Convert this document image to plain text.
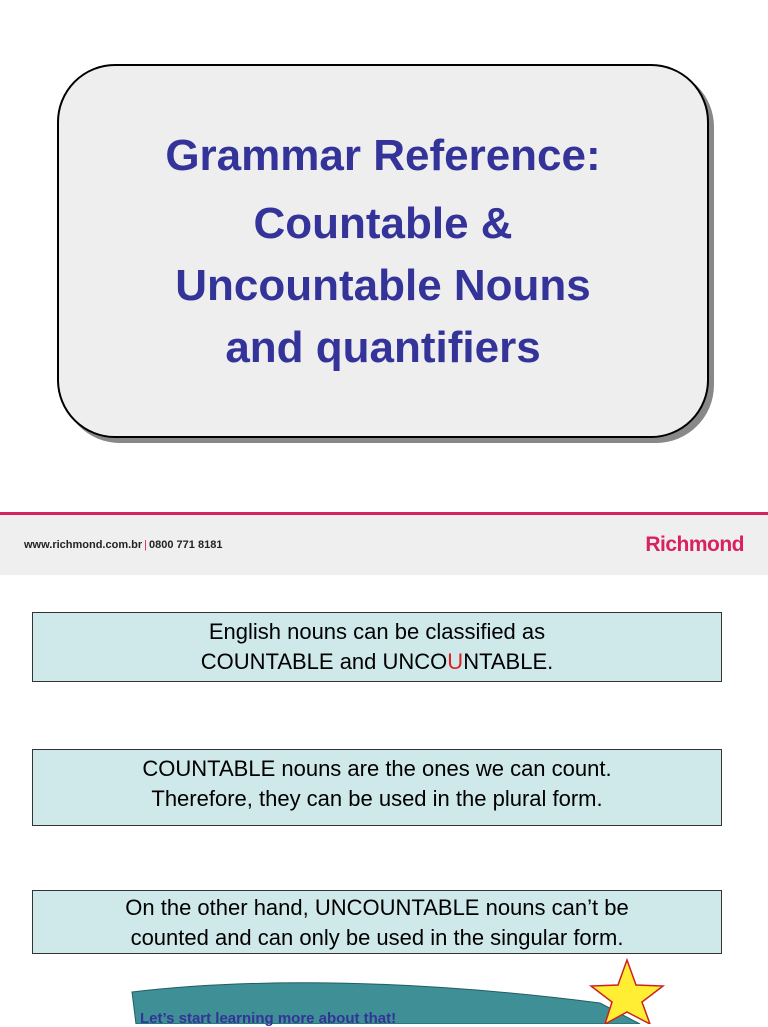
Grammar Reference:
Countable &
Uncountable Nouns
and quantifiers
www.richmond.com.br | 0800 771 8181	Richmond
English nouns can be classified as
COUNTABLE and UNCOUNTABLE.
COUNTABLE nouns are the ones we can count.
Therefore, they can be used in the plural form.
On the other hand, UNCOUNTABLE nouns can’t be
counted and can only be used in the singular form.
Let’s start learning more about that!
